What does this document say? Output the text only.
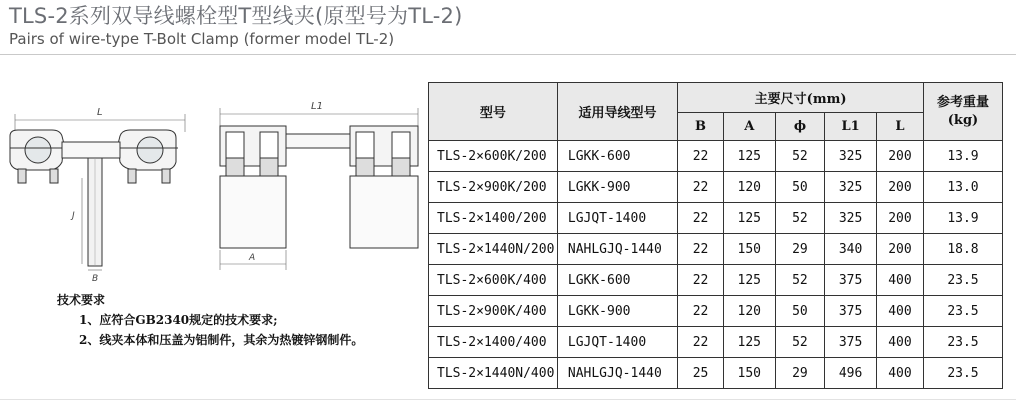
TLS-2系列双导线螺栓型T型线夹(原型号为TL-2)
Pairs of wire-type T-Bolt Clamp (former model TL-2)
L
B
J
L1
A
技术要求
1、应符合GB2340规定的技术要求;
2、线夹本体和压盖为铝制件，其余为热镀锌钢制件。
型号	适用导线型号	主要尺寸(mm)					参考重量
(kg)

		B	A	ϕ	L1	L	
TLS-2×600K/200	LGKK-600	22	125	52	325	200	13.9
TLS-2×900K/200	LGKK-900	22	120	50	325	200	13.0
TLS-2×1400/200	LGJQT-1400	22	125	52	325	200	13.9
TLS-2×1440N/200	NAHLGJQ-1440	22	150	29	340	200	18.8
TLS-2×600K/400	LGKK-600	22	125	52	375	400	23.5
TLS-2×900K/400	LGKK-900	22	120	50	375	400	23.5
TLS-2×1400/400	LGJQT-1400	22	125	52	375	400	23.5
TLS-2×1440N/400	NAHLGJQ-1440	25	150	29	496	400	23.5
